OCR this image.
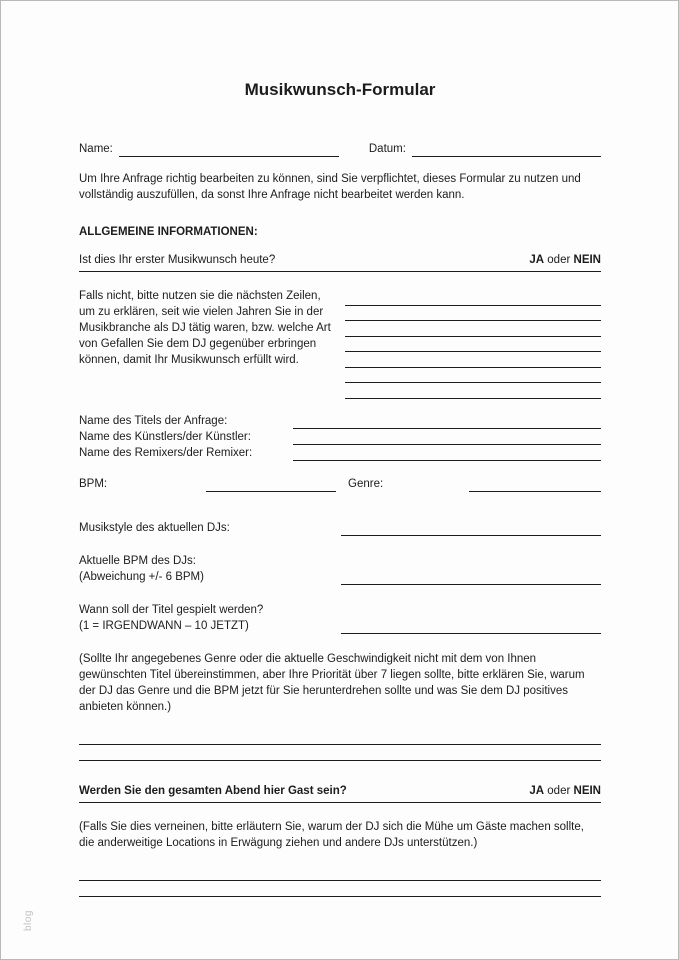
Musikwunsch-Formular
Name:	Datum:
Um Ihre Anfrage richtig bearbeiten zu können, sind Sie verpflichtet, dieses Formular zu nutzen und vollständig auszufüllen, da sonst Ihre Anfrage nicht bearbeitet werden kann.
ALLGEMEINE INFORMATIONEN:
Ist dies Ihr erster Musikwunsch heute?	JA oder NEIN
Falls nicht, bitte nutzen sie die nächsten Zeilen, um zu erklären, seit wie vielen Jahren Sie in der Musikbranche als DJ tätig waren, bzw. welche Art von Gefallen Sie dem DJ gegenüber erbringen können, damit Ihr Musikwunsch erfüllt wird.
Name des Titels der Anfrage:
Name des Künstlers/der Künstler:
Name des Remixers/der Remixer:
BPM:	Genre:
Musikstyle des aktuellen DJs:
Aktuelle BPM des DJs:
(Abweichung +/- 6 BPM)
Wann soll der Titel gespielt werden?
(1 = IRGENDWANN – 10 JETZT)
(Sollte Ihr angegebenes Genre oder die aktuelle Geschwindigkeit nicht mit dem von Ihnen gewünschten Titel übereinstimmen, aber Ihre Priorität über 7 liegen sollte, bitte erklären Sie, warum der DJ das Genre und die BPM jetzt für Sie herunterdrehen sollte und was Sie dem DJ positives anbieten können.)
Werden Sie den gesamten Abend hier Gast sein?	JA oder NEIN
(Falls Sie dies verneinen, bitte erläutern Sie, warum der DJ sich die Mühe um Gäste machen sollte, die anderweitige Locations in Erwägung ziehen und andere DJs unterstützen.)
blog
